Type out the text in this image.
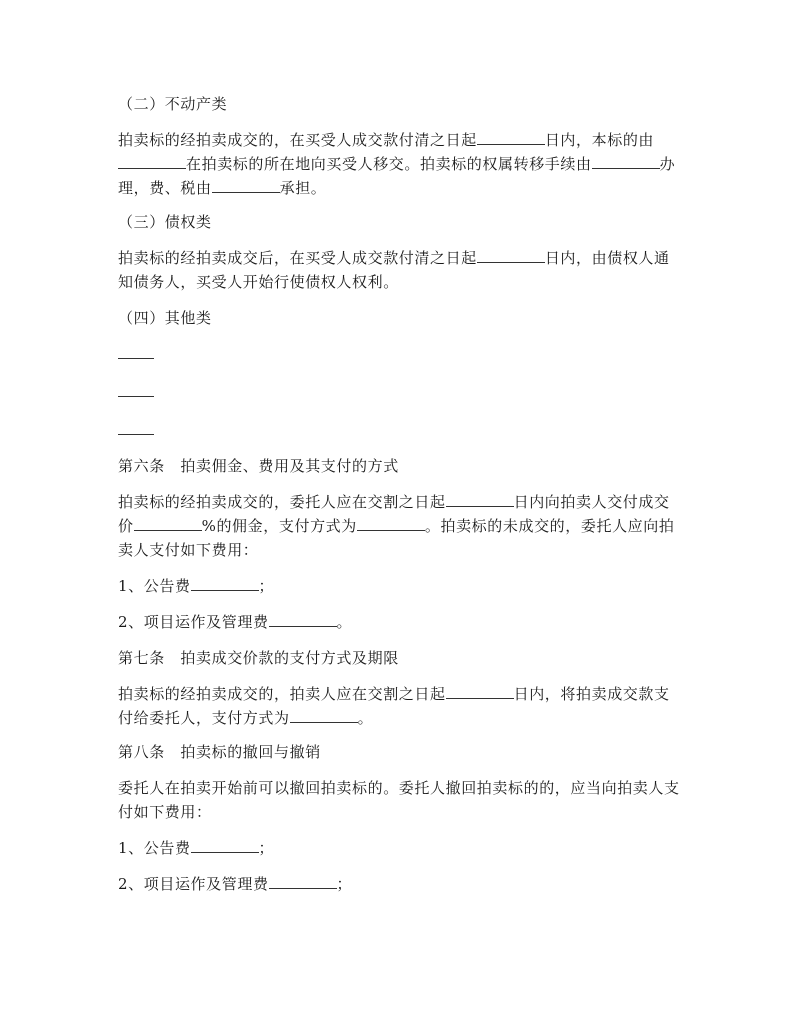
（二）不动产类
拍卖标的经拍卖成交的，在买受人成交款付清之日起	日内，本标的由
在拍卖标的所在地向买受人移交。拍卖标的权属转移手续由	办
理，费、税由	承担。
（三）债权类
拍卖标的经拍卖成交后，在买受人成交款付清之日起	日内，由债权人通
知债务人，买受人开始行使债权人权利。
（四）其他类
第六条　拍卖佣金、费用及其支付的方式
拍卖标的经拍卖成交的，委托人应在交割之日起	日内向拍卖人交付成交
价	%的佣金，支付方式为	。拍卖标的未成交的，委托人应向拍
卖人支付如下费用：
1、公告费	；
2、项目运作及管理费	。
第七条　拍卖成交价款的支付方式及期限
拍卖标的经拍卖成交的，拍卖人应在交割之日起	日内，将拍卖成交款支
付给委托人，支付方式为	。
第八条　拍卖标的撤回与撤销
委托人在拍卖开始前可以撤回拍卖标的。委托人撤回拍卖标的的，应当向拍卖人支
付如下费用：
1、公告费	；
2、项目运作及管理费	；
